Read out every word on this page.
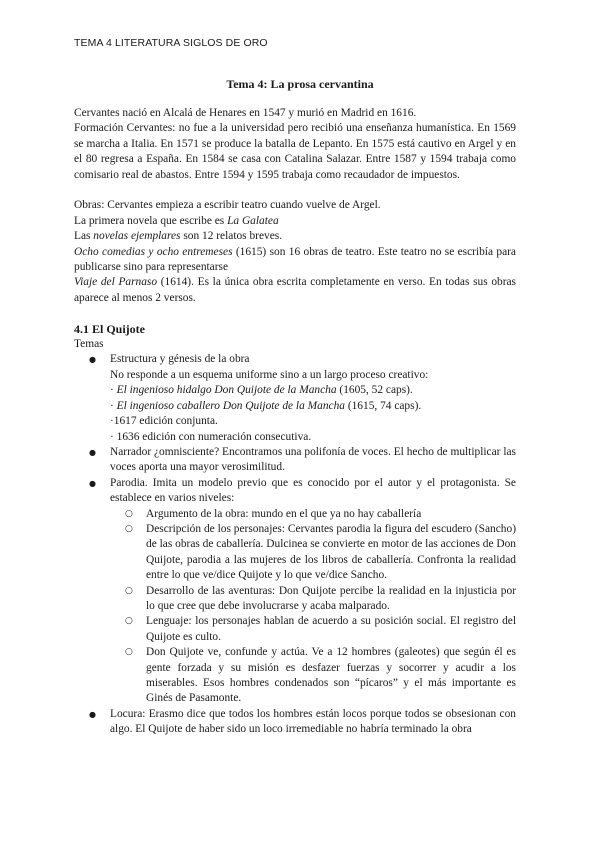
TEMA 4 LITERATURA SIGLOS DE ORO
Tema 4: La prosa cervantina

Cervantes nació en Alcalá de Henares en 1547 y murió en Madrid en 1616.

Formación Cervantes: no fue a la universidad pero recibió una enseñanza humanística. En 1569 se marcha a Italia. En 1571 se produce la batalla de Lepanto. En 1575 está cautivo en Argel y en el 80 regresa a España. En 1584 se casa con Catalina Salazar. Entre 1587 y 1594 trabaja como comisario real de abastos. Entre 1594 y 1595 trabaja como recaudador de impuestos.

Obras: Cervantes empieza a escribir teatro cuando vuelve de Argel.

La primera novela que escribe es La Galatea

Las novelas ejemplares son 12 relatos breves.

Ocho comedias y ocho entremeses (1615) son 16 obras de teatro. Este teatro no se escribía para publicarse sino para representarse

Viaje del Parnaso (1614). Es la única obra escrita completamente en verso. En todas sus obras aparece al menos 2 versos.

4.1 El Quijote

Temas

● Estructura y génesis de la obra
No responde a un esquema uniforme sino a un largo proceso creativo:
· El ingenioso hidalgo Don Quijote de la Mancha (1605, 52 caps).
· El ingenioso caballero Don Quijote de la Mancha (1615, 74 caps).
·1617 edición conjunta.
· 1636 edición con numeración consecutiva.
● Narrador ¿omnisciente? Encontramos una polifonía de voces. El hecho de multiplicar las voces aporta una mayor verosimilitud.
● Parodia. Imita un modelo previo que es conocido por el autor y el protagonista. Se establece en varios niveles:
○ Argumento de la obra: mundo en el que ya no hay caballería
○ Descripción de los personajes: Cervantes parodia la figura del escudero (Sancho) de las obras de caballería. Dulcinea se convierte en motor de las acciones de Don Quijote, parodia a las mujeres de los libros de caballería. Confronta la realidad entre lo que ve/dice Quijote y lo que ve/dice Sancho.
○ Desarrollo de las aventuras: Don Quijote percibe la realidad en la injusticia por lo que cree que debe involucrarse y acaba malparado.
○ Lenguaje: los personajes hablan de acuerdo a su posición social. El registro del Quijote es culto.
○ Don Quijote ve, confunde y actúa. Ve a 12 hombres (galeotes) que según él es gente forzada y su misión es desfazer fuerzas y socorrer y acudir a los miserables. Esos hombres condenados son “pícaros” y el más importante es Ginés de Pasamonte.
● Locura: Erasmo dice que todos los hombres están locos porque todos se obsesionan con algo. El Quijote de haber sido un loco irremediable no habría terminado la obra
